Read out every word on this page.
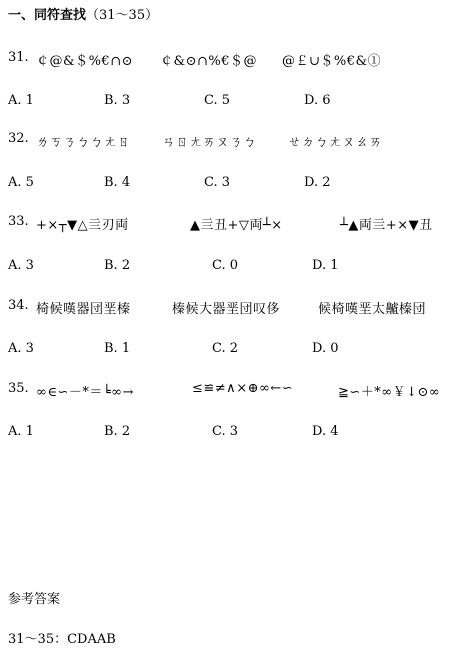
一、同符查找（31～35）
31. ￠@&＄%€∩⊙ ￠&⊙∩%€＄@ @￡∪＄%€&①
A. 1	B. 3	C. 5	D. 6
32. ㄌㄎㄋㄅㄅㄤㄖ ㄢㄖㄤㄞㄡㄋㄅ ㄝㄉㄅㄤㄡㄠㄞ
A. 5	B. 4	C. 3	D. 2
33. +×┬▼△亖刃両	▲亖丑+▽両┴×	┴▲両亖+×▼丑
A. 3	B. 2	C. 0	D. 1
34. 椅候嘆器団垩榛	榛候大器垩団叹侈	候椅嘆垩太齇榛団
A. 3	B. 1	C. 2	D. 0
35. ∞∈∽－*＝╘∞→	≤≌≠∧×⊕∞←∽	≧∽＋*∞￥↓⊙∞
A. 1	B. 2	C. 3	D. 4
参考答案
31～35：CDAAB
